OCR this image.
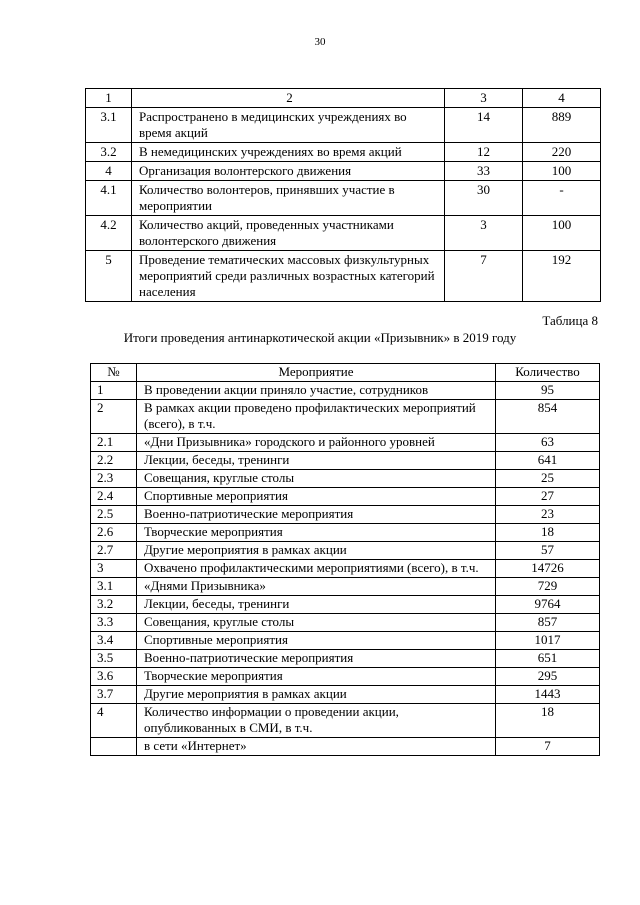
30
1	2	3	4
3.1	Распространено в медицинских учреждениях во время акций	14	889
3.2	В немедицинских учреждениях во время акций	12	220
4	Организация волонтерского движения	33	100
4.1	Количество волонтеров, принявших участие в мероприятии	30	-
4.2	Количество акций, проведенных участниками волонтерского движения	3	100
5	Проведение тематических массовых физкультурных мероприятий среди различных возрастных категорий населения	7	192
Таблица 8
Итоги проведения антинаркотической акции «Призывник» в 2019 году
№	Мероприятие	Количество
1	В проведении акции приняло участие, сотрудников	95
2	В рамках акции проведено профилактических мероприятий (всего), в т.ч.	854
2.1	«Дни Призывника» городского и районного уровней	63
2.2	Лекции, беседы, тренинги	641
2.3	Совещания, круглые столы	25
2.4	Спортивные мероприятия	27
2.5	Военно-патриотические мероприятия	23
2.6	Творческие мероприятия	18
2.7	Другие мероприятия в рамках акции	57
3	Охвачено профилактическими мероприятиями (всего), в т.ч.	14726
3.1	«Днями Призывника»	729
3.2	Лекции, беседы, тренинги	9764
3.3	Совещания, круглые столы	857
3.4	Спортивные мероприятия	1017
3.5	Военно-патриотические мероприятия	651
3.6	Творческие мероприятия	295
3.7	Другие мероприятия в рамках акции	1443
4	Количество информации о проведении акции, опубликованных в СМИ, в т.ч.	18
	в сети «Интернет»	7
